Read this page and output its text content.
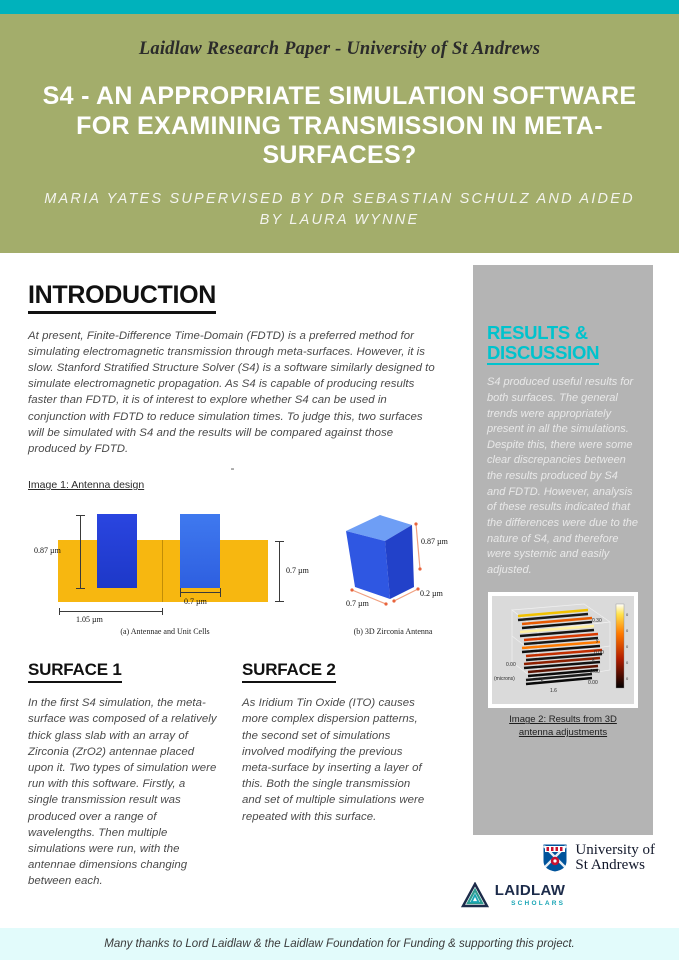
Laidlaw Research Paper - University of St Andrews
S4 - AN APPROPRIATE SIMULATION SOFTWARE FOR EXAMINING TRANSMISSION IN META-SURFACES?
MARIA YATES SUPERVISED BY DR SEBASTIAN SCHULZ AND AIDED BY LAURA WYNNE
INTRODUCTION

At present, Finite-Difference Time-Domain (FDTD) is a preferred method for simulating electromagnetic transmission through meta-surfaces. However, it is slow. Stanford Stratified Structure Solver (S4) is a software similarly designed to simulate electromagnetic propagation. As S4 is capable of producing results faster than FDTD, it is of interest to explore whether S4 can be used in conjunction with FDTD to reduce simulation times. To judge this, two surfaces will be simulated with S4 and the results will be compared against those produced by FDTD.

-
Image 1: Antenna design
0.87 µm
0.7 µm
0.7 µm
1.05 µm
(a) Antennae and Unit Cells
0.87 µm
0.2 µm
0.7 µm
(b) 3D Zirconia Antenna
SURFACE 1

In the first S4 simulation, the meta-surface was composed of a relatively thick glass slab with an array of Zirconia (ZrO2) antennae placed upon it. Two types of simulation were run with this software. Firstly, a single transmission result was produced over a range of wavelengths. Then multiple simulations were run, with the antennae dimensions changing between each.

SURFACE 2

As Iridium Tin Oxide (ITO) causes more complex dispersion patterns, the second set of simulations involved modifying the previous meta-surface by inserting a layer of this. Both the single transmission and set of multiple simulations were repeated with this surface.

RESULTS &
DISCUSSION

S4 produced useful results for both surfaces. The general trends were appropriately present in all the simulations. Despite this, there were some clear discrepancies between the results produced by S4 and FDTD. However, analysis of these results indicated that the differences were due to the nature of S4, and therefore were systemic and easily adjusted.

0
0
0
0
0
0.00
(microns)	z
1.6
0.00
0.60
x
y
0.00
0.30
Image 2: Results from 3D antenna adjustments
University of
St Andrews
LAIDLAW
SCHOLARS
Many thanks to Lord Laidlaw & the Laidlaw Foundation for Funding & supporting this project.
